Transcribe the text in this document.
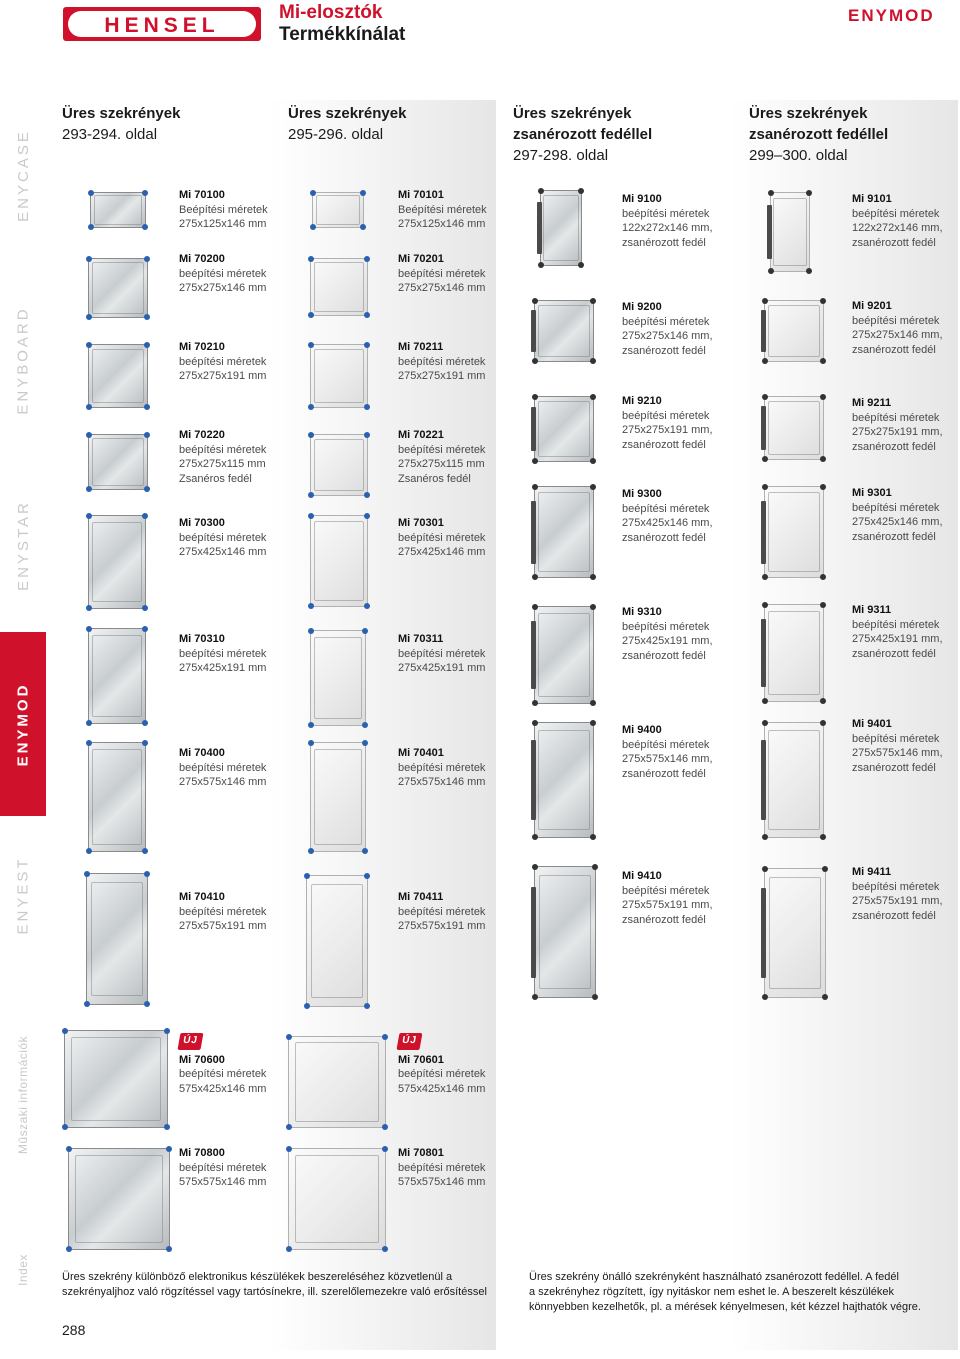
HENSEL
Mi-elosztók
Termékkínálat
ENYMOD
ENYCASE
ENYBOARD
ENYSTAR
ENYMOD
ENYEST
Műszaki információk
Index
Üres szekrények
293-294. oldal
Üres szekrények
295-296. oldal
Üres szekrények
zsanérozott fedéllel
297-298. oldal
Üres szekrények
zsanérozott fedéllel
299–300. oldal
Mi 70100
Beépítési méretek
275x125x146 mm
Mi 70200
beépítési méretek
275x275x146 mm
Mi 70210
beépítési méretek
275x275x191 mm
Mi 70220
beépítési méretek
275x275x115 mm
Zsanéros fedél
Mi 70300
beépítési méretek
275x425x146 mm
Mi 70310
beépítési méretek
275x425x191 mm
Mi 70400
beépítési méretek
275x575x146 mm
Mi 70410
beépítési méretek
275x575x191 mm
ÚJ
Mi 70600
beépítési méretek
575x425x146 mm
Mi 70800
beépítési méretek
575x575x146 mm
Mi 70101
Beépítési méretek
275x125x146 mm
Mi 70201
beépítési méretek
275x275x146 mm
Mi 70211
beépítési méretek
275x275x191 mm
Mi 70221
beépítési méretek
275x275x115 mm
Zsanéros fedél
Mi 70301
beépítési méretek
275x425x146 mm
Mi 70311
beépítési méretek
275x425x191 mm
Mi 70401
beépítési méretek
275x575x146 mm
Mi 70411
beépítési méretek
275x575x191 mm
ÚJ
Mi 70601
beépítési méretek
575x425x146 mm
Mi 70801
beépítési méretek
575x575x146 mm
Mi 9100
beépítési méretek
122x272x146 mm,
zsanérozott fedél
Mi 9200
beépítési méretek
275x275x146 mm,
zsanérozott fedél
Mi 9210
beépítési méretek
275x275x191 mm,
zsanérozott fedél
Mi 9300
beépítési méretek
275x425x146 mm,
zsanérozott fedél
Mi 9310
beépítési méretek
275x425x191 mm,
zsanérozott fedél
Mi 9400
beépítési méretek
275x575x146 mm,
zsanérozott fedél
Mi 9410
beépítési méretek
275x575x191 mm,
zsanérozott fedél
Mi 9101
beépítési méretek
122x272x146 mm,
zsanérozott fedél
Mi 9201
beépítési méretek
275x275x146 mm,
zsanérozott fedél
Mi 9211
beépítési méretek
275x275x191 mm,
zsanérozott fedél
Mi 9301
beépítési méretek
275x425x146 mm,
zsanérozott fedél
Mi 9311
beépítési méretek
275x425x191 mm,
zsanérozott fedél
Mi 9401
beépítési méretek
275x575x146 mm,
zsanérozott fedél
Mi 9411
beépítési méretek
275x575x191 mm,
zsanérozott fedél
Üres szekrény különböző elektronikus készülékek beszereléséhez közvetlenül a
szekrényaljhoz való rögzítéssel vagy tartósínekre, ill. szerelőlemezekre való erősítéssel
Üres szekrény önálló szekrényként használható zsanérozott fedéllel. A fedél
a szekrényhez rögzített, így nyitáskor nem eshet le. A beszerelt készülékek
könnyebben kezelhetők, pl. a mérések kényelmesen, két kézzel hajthatók végre.
288
